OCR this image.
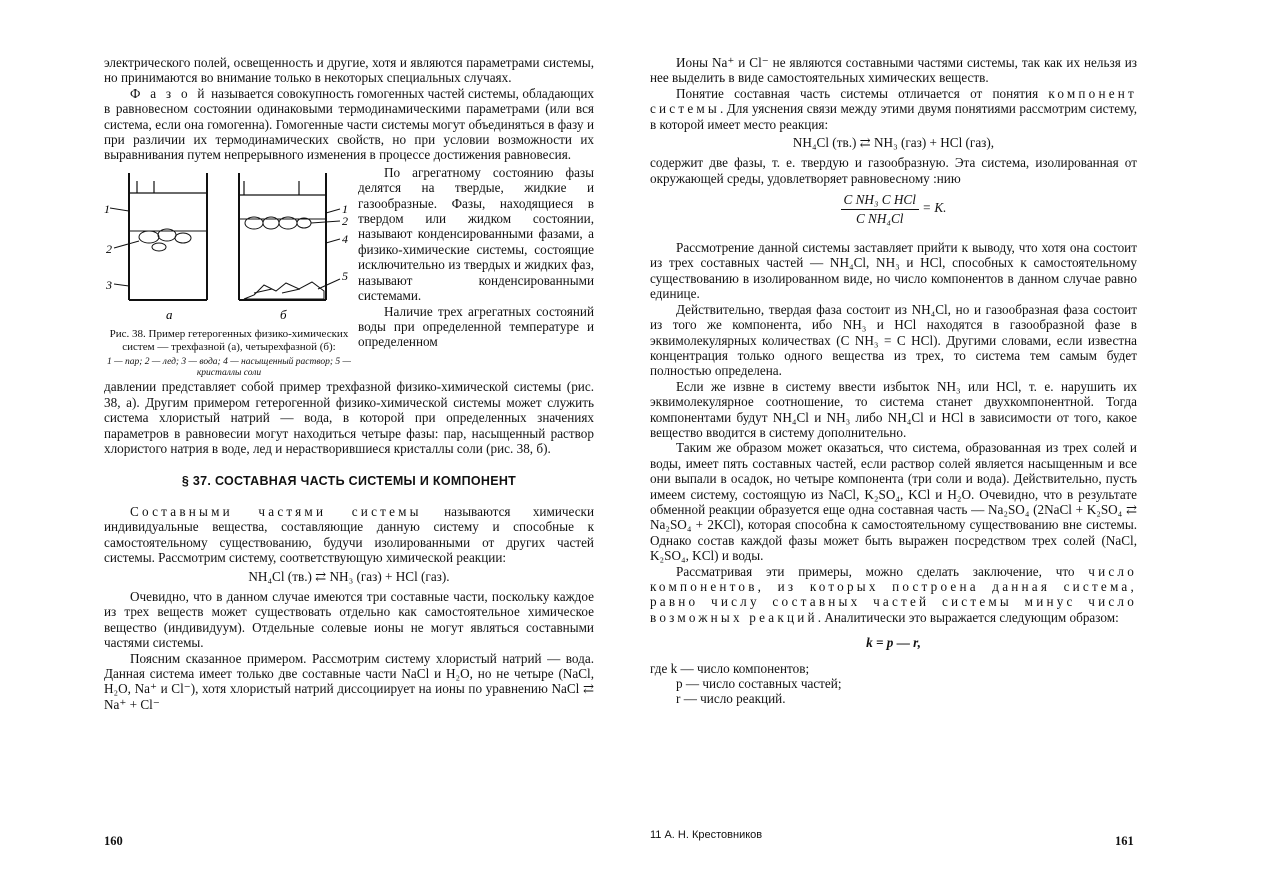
электрического полей, освещенность и другие, хотя и являются параметрами системы, но принимаются во внимание только в некоторых специальных случаях.

Ф а з о й называется совокупность гомогенных частей системы, обладающих в равновесном состоянии одинаковыми термодинамическими параметрами (или вся система, если она гомогенна). Гомогенные части системы могут объединяться в фазу и при различии их термодинамических свойств, но при условии возможности их выравнивания путем непрерывного изменения в процессе достижения равновесия.

1
2
3
1
2
4
5
а	б
Рис. 38. Пример гетерогенных физико-химических систем — трехфазной (а), четырехфазной (б):
1 — пар; 2 — лед; 3 — вода; 4 — насыщенный раствор; 5 — кристаллы соли

По агрегатному состоянию фазы делятся на твердые, жидкие и газообразные. Фазы, находящиеся в твердом или жидком состоянии, называют конденсированными фазами, а физико-химические системы, состоящие исключительно из твердых и жидких фаз, называют конденсированными системами.

Наличие трех агрегатных состояний воды при определенной температуре и определенном

давлении представляет собой пример трехфазной физико-химической системы (рис. 38, а). Другим примером гетерогенной физико-химической системы может служить система хлористый натрий — вода, в которой при определенных значениях параметров в равновесии могут находиться четыре фазы: пар, насыщенный раствор хлористого натрия в воде, лед и нерастворившиеся кристаллы соли (рис. 38, б).

§ 37. СОСТАВНАЯ ЧАСТЬ СИСТЕМЫ И КОМПОНЕНТ

Составными частями системы называются химически индивидуальные вещества, составляющие данную систему и способные к самостоятельному существованию, будучи изолированными от других частей системы. Рассмотрим систему, соответствующую химической реакции:

NH₄Cl (тв.) ⇄ NH₃ (газ) + HCl (газ).

Очевидно, что в данном случае имеются три составные части, поскольку каждое из трех веществ может существовать отдельно как самостоятельное химическое вещество (индивидуум). Отдельные солевые ионы не могут являться составными частями системы.

Поясним сказанное примером. Рассмотрим систему хлористый натрий — вода. Данная система имеет только две составные части NaCl и H₂O, но не четыре (NaCl, H₂O, Na⁺ и Cl⁻), хотя хлористый натрий диссоциирует на ионы по уравнению NaCl ⇄ Na⁺ + Cl⁻

160

Ионы Na⁺ и Cl⁻ не являются составными частями системы, так как их нельзя из нее выделить в виде самостоятельных химических веществ.

Понятие составная часть системы отличается от понятия компонент системы. Для уяснения связи между этими двумя понятиями рассмотрим систему, в которой имеет место реакция:

NH₄Cl (тв.) ⇄ NH₃ (газ) + HCl (газ),

содержит две фазы, т. е. твердую и газообразную. Эта система, изолированная от окружающей среды, удовлетворяет равновесному :нию

$\frac{\text{C NH₃ C HCl}}{\text{C NH₄Cl}} = K$.

Рассмотрение данной системы заставляет прийти к выводу, что хотя она состоит из трех составных частей — NH₄Cl, NH₃ и HCl, способных к самостоятельному существованию в изолированном виде, но число компонентов в данном случае равно единице.

Действительно, твердая фаза состоит из NH₄Cl, но и газообразная фаза состоит из того же компонента, ибо NH₃ и HCl находятся в газообразной фазе в эквимолекулярных количествах (C NH₃ = C HCl). Другими словами, если известна концентрация только одного вещества из трех, то система тем самым будет полностью определена.

Если же извне в систему ввести избыток NH₃ или HCl, т. е. нарушить их эквимолекулярное соотношение, то система станет двухкомпонентной. Тогда компонентами будут NH₄Cl и NH₃ либо NH₄Cl и HCl в зависимости от того, какое вещество вводится в систему дополнительно.

Таким же образом может оказаться, что система, образованная из трех солей и воды, имеет пять составных частей, если раствор солей является насыщенным и все они выпали в осадок, но четыре компонента (три соли и вода). Действительно, пусть имеем систему, состоящую из NaCl, K₂SO₄, KCl и H₂O. Очевидно, что в результате обменной реакции образуется еще одна составная часть — Na₂SO₄ (2NaCl + K₂SO₄ ⇄ Na₂SO₄ + 2KCl), которая способна к самостоятельному существованию вне системы. Однако состав каждой фазы может быть выражен посредством трех солей (NaCl, K₂SO₄, KCl) и воды.

Рассматривая эти примеры, можно сделать заключение, что число компонентов, из которых построена данная система, равно числу составных частей системы минус число возможных реакций. Аналитически это выражается следующим образом:

k = p — r,

где k — число компонентов;

p — число составных частей;

r — число реакций.

11 А. Н. Крестовников	161
